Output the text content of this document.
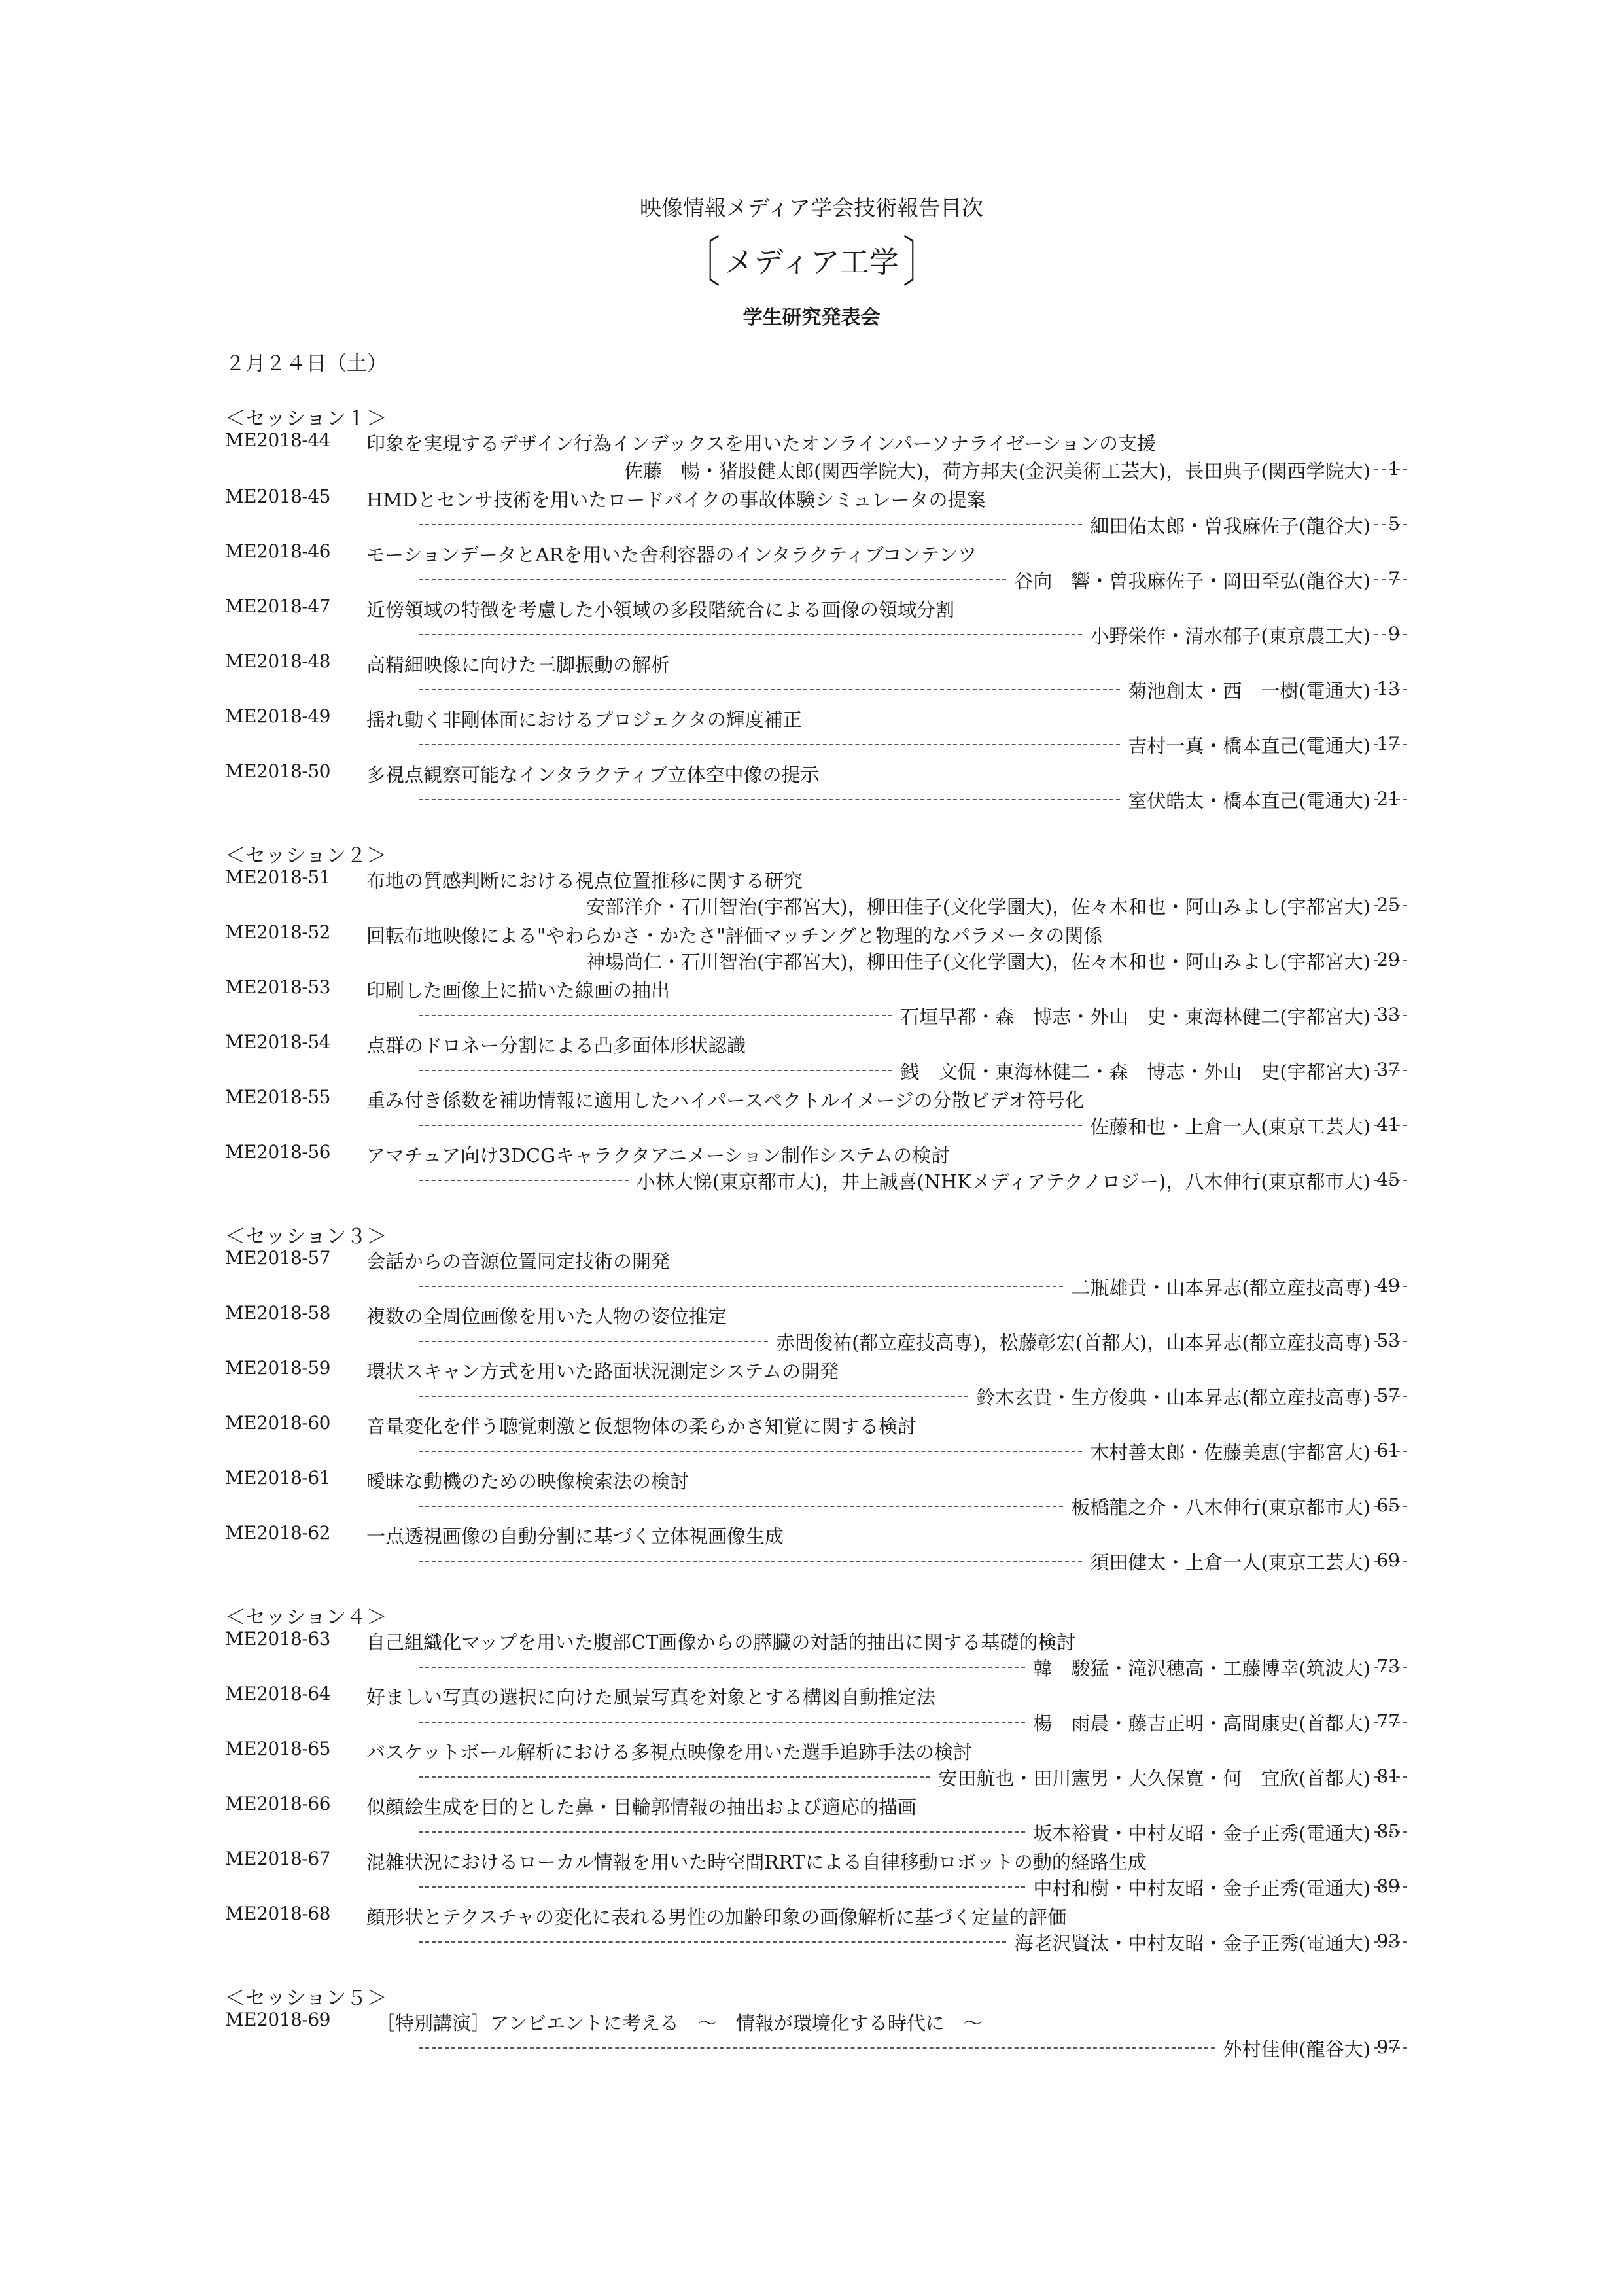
映像情報メディア学会技術報告目次
〔 メディア工学 〕
学生研究発表会
２月２４日（土）
＜セッション１＞
ME2018-44 印象を実現するデザイン行為インデックスを用いたオンラインパーソナライゼーションの支援
佐藤　暢・猪股健太郎(関西学院大)，荷方邦夫(金沢美術工芸大)，長田典子(関西学院大) 1
ME2018-45 HMDとセンサ技術を用いたロードバイクの事故体験シミュレータの提案
細田佑太郎・曽我麻佐子(龍谷大) 5
ME2018-46 モーションデータとARを用いた舎利容器のインタラクティブコンテンツ
谷向　響・曽我麻佐子・岡田至弘(龍谷大) 7
ME2018-47 近傍領域の特徴を考慮した小領域の多段階統合による画像の領域分割
小野栄作・清水郁子(東京農工大) 9
ME2018-48 高精細映像に向けた三脚振動の解析
菊池創太・西　一樹(電通大) 13
ME2018-49 揺れ動く非剛体面におけるプロジェクタの輝度補正
吉村一真・橋本直己(電通大) 17
ME2018-50 多視点観察可能なインタラクティブ立体空中像の提示
室伏皓太・橋本直己(電通大) 21
＜セッション２＞
ME2018-51 布地の質感判断における視点位置推移に関する研究
安部洋介・石川智治(宇都宮大)，柳田佳子(文化学園大)，佐々木和也・阿山みよし(宇都宮大) 25
ME2018-52 回転布地映像による"やわらかさ・かたさ"評価マッチングと物理的なパラメータの関係
神場尚仁・石川智治(宇都宮大)，柳田佳子(文化学園大)，佐々木和也・阿山みよし(宇都宮大) 29
ME2018-53 印刷した画像上に描いた線画の抽出
石垣早都・森　博志・外山　史・東海林健二(宇都宮大) 33
ME2018-54 点群のドロネー分割による凸多面体形状認識
銭　文侃・東海林健二・森　博志・外山　史(宇都宮大) 37
ME2018-55 重み付き係数を補助情報に適用したハイパースペクトルイメージの分散ビデオ符号化
佐藤和也・上倉一人(東京工芸大) 41
ME2018-56 アマチュア向け3DCGキャラクタアニメーション制作システムの検討
小林大悌(東京都市大)，井上誠喜(NHKメディアテクノロジー)，八木伸行(東京都市大) 45
＜セッション３＞
ME2018-57 会話からの音源位置同定技術の開発
二瓶雄貴・山本昇志(都立産技高専) 49
ME2018-58 複数の全周位画像を用いた人物の姿位推定
赤間俊祐(都立産技高専)，松藤彰宏(首都大)，山本昇志(都立産技高専) 53
ME2018-59 環状スキャン方式を用いた路面状況測定システムの開発
鈴木玄貴・生方俊典・山本昇志(都立産技高専) 57
ME2018-60 音量変化を伴う聴覚刺激と仮想物体の柔らかさ知覚に関する検討
木村善太郎・佐藤美恵(宇都宮大) 61
ME2018-61 曖昧な動機のための映像検索法の検討
板橋龍之介・八木伸行(東京都市大) 65
ME2018-62 一点透視画像の自動分割に基づく立体視画像生成
須田健太・上倉一人(東京工芸大) 69
＜セッション４＞
ME2018-63 自己組織化マップを用いた腹部CT画像からの膵臓の対話的抽出に関する基礎的検討
韓　駿猛・滝沢穂高・工藤博幸(筑波大) 73
ME2018-64 好ましい写真の選択に向けた風景写真を対象とする構図自動推定法
楊　雨晨・藤吉正明・高間康史(首都大) 77
ME2018-65 バスケットボール解析における多視点映像を用いた選手追跡手法の検討
安田航也・田川憲男・大久保寛・何　宜欣(首都大) 81
ME2018-66 似顔絵生成を目的とした鼻・目輪郭情報の抽出および適応的描画
坂本裕貴・中村友昭・金子正秀(電通大) 85
ME2018-67 混雑状況におけるローカル情報を用いた時空間RRTによる自律移動ロボットの動的経路生成
中村和樹・中村友昭・金子正秀(電通大) 89
ME2018-68 顔形状とテクスチャの変化に表れる男性の加齢印象の画像解析に基づく定量的評価
海老沢賢汰・中村友昭・金子正秀(電通大) 93
＜セッション５＞
ME2018-69 ［特別講演］アンビエントに考える　～　情報が環境化する時代に　～
外村佳伸(龍谷大) 97
